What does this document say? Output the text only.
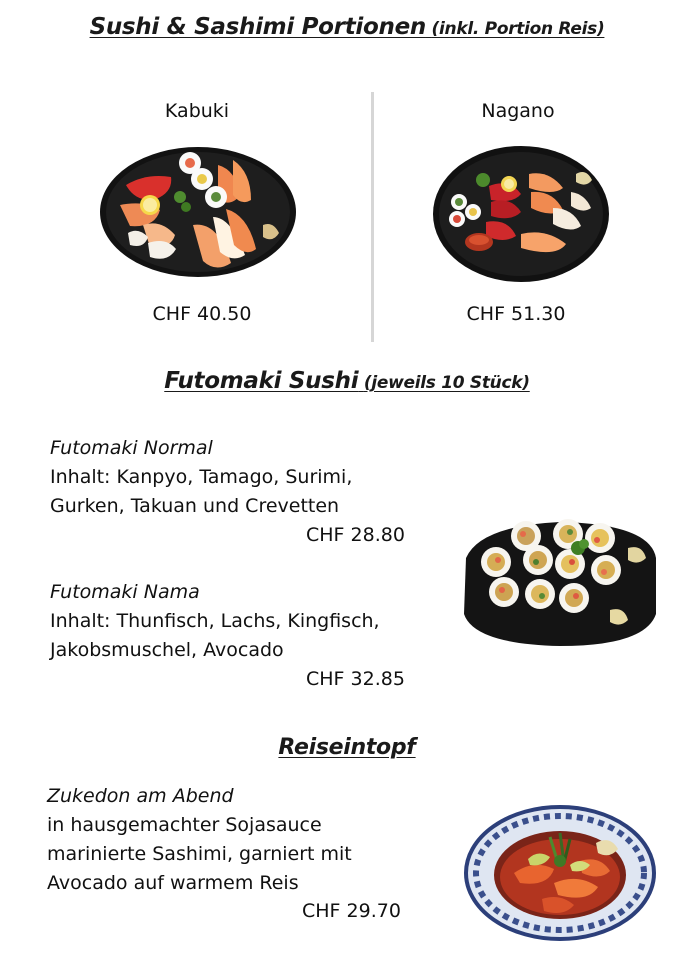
Sushi & Sashimi Portionen (inkl. Portion Reis)
Kabuki
CHF 40.50
Nagano
CHF 51.30
Futomaki Sushi (jeweils 10 Stück)
Futomaki Normal
Inhalt: Kanpyo, Tamago, Surimi,
Gurken, Takuan und Crevetten
CHF 28.80
Futomaki Nama
Inhalt: Thunfisch, Lachs, Kingfisch,
Jakobsmuschel, Avocado
CHF 32.85
Reiseintopf
Zukedon am Abend
in hausgemachter Sojasauce
marinierte Sashimi, garniert mit
Avocado auf warmem Reis
CHF 29.70
